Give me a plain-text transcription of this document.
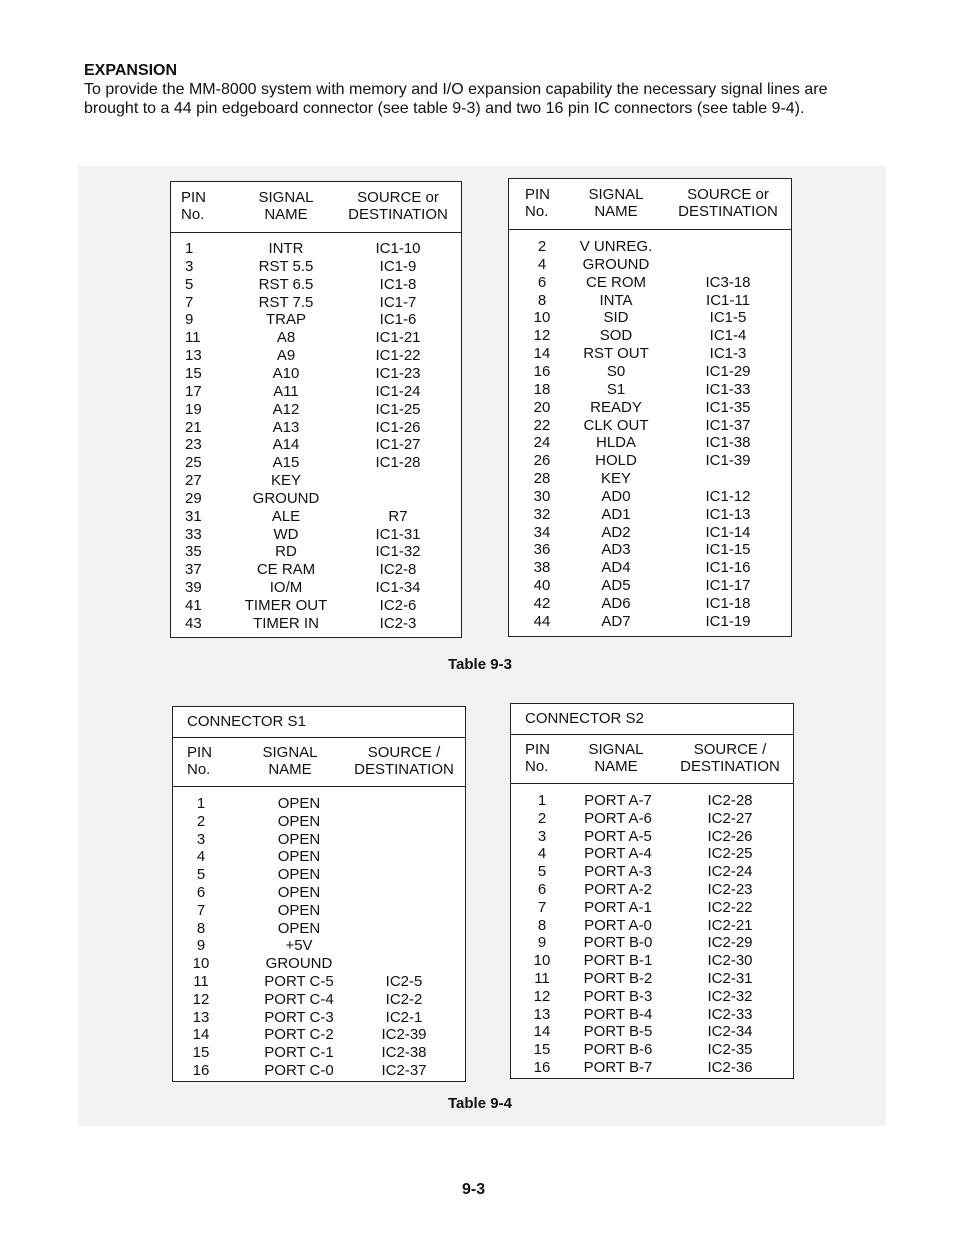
EXPANSION

To provide the MM-8000 system with memory and I/O expansion capability the necessary signal lines are brought to a 44 pin edgeboard connector (see table 9-3) and two 16 pin IC connectors (see table 9-4).

PIN
No.
SIGNAL
NAME
SOURCE or
DESTINATION
1	INTR	IC1-10
3	RST 5.5	IC1-9
5	RST 6.5	IC1-8
7	RST 7.5	IC1-7
9	TRAP	IC1-6
11	A8	IC1-21
13	A9	IC1-22
15	A10	IC1-23
17	A11	IC1-24
19	A12	IC1-25
21	A13	IC1-26
23	A14	IC1-27
25	A15	IC1-28
27	KEY
29	GROUND
31	ALE	R7
33	WD	IC1-31
35	RD	IC1-32
37	CE RAM	IC2-8
39	IO/M	IC1-34
41	TIMER OUT	IC2-6
43	TIMER IN	IC2-3
PIN
No.
SIGNAL
NAME
SOURCE or
DESTINATION
2	V UNREG.
4	GROUND
6	CE ROM	IC3-18
8	INTA	IC1-11
10	SID	IC1-5
12	SOD	IC1-4
14	RST OUT	IC1-3
16	S0	IC1-29
18	S1	IC1-33
20	READY	IC1-35
22	CLK OUT	IC1-37
24	HLDA	IC1-38
26	HOLD	IC1-39
28	KEY
30	AD0	IC1-12
32	AD1	IC1-13
34	AD2	IC1-14
36	AD3	IC1-15
38	AD4	IC1-16
40	AD5	IC1-17
42	AD6	IC1-18
44	AD7	IC1-19
Table 9-3
CONNECTOR S1
PIN
No.
SIGNAL
NAME
SOURCE /
DESTINATION
1	OPEN
2	OPEN
3	OPEN
4	OPEN
5	OPEN
6	OPEN
7	OPEN
8	OPEN
9	+5V
10	GROUND
11	PORT C-5	IC2-5
12	PORT C-4	IC2-2
13	PORT C-3	IC2-1
14	PORT C-2	IC2-39
15	PORT C-1	IC2-38
16	PORT C-0	IC2-37
CONNECTOR S2
PIN
No.
SIGNAL
NAME
SOURCE /
DESTINATION
1	PORT A-7	IC2-28
2	PORT A-6	IC2-27
3	PORT A-5	IC2-26
4	PORT A-4	IC2-25
5	PORT A-3	IC2-24
6	PORT A-2	IC2-23
7	PORT A-1	IC2-22
8	PORT A-0	IC2-21
9	PORT B-0	IC2-29
10	PORT B-1	IC2-30
11	PORT B-2	IC2-31
12	PORT B-3	IC2-32
13	PORT B-4	IC2-33
14	PORT B-5	IC2-34
15	PORT B-6	IC2-35
16	PORT B-7	IC2-36
Table 9-4
9-3
